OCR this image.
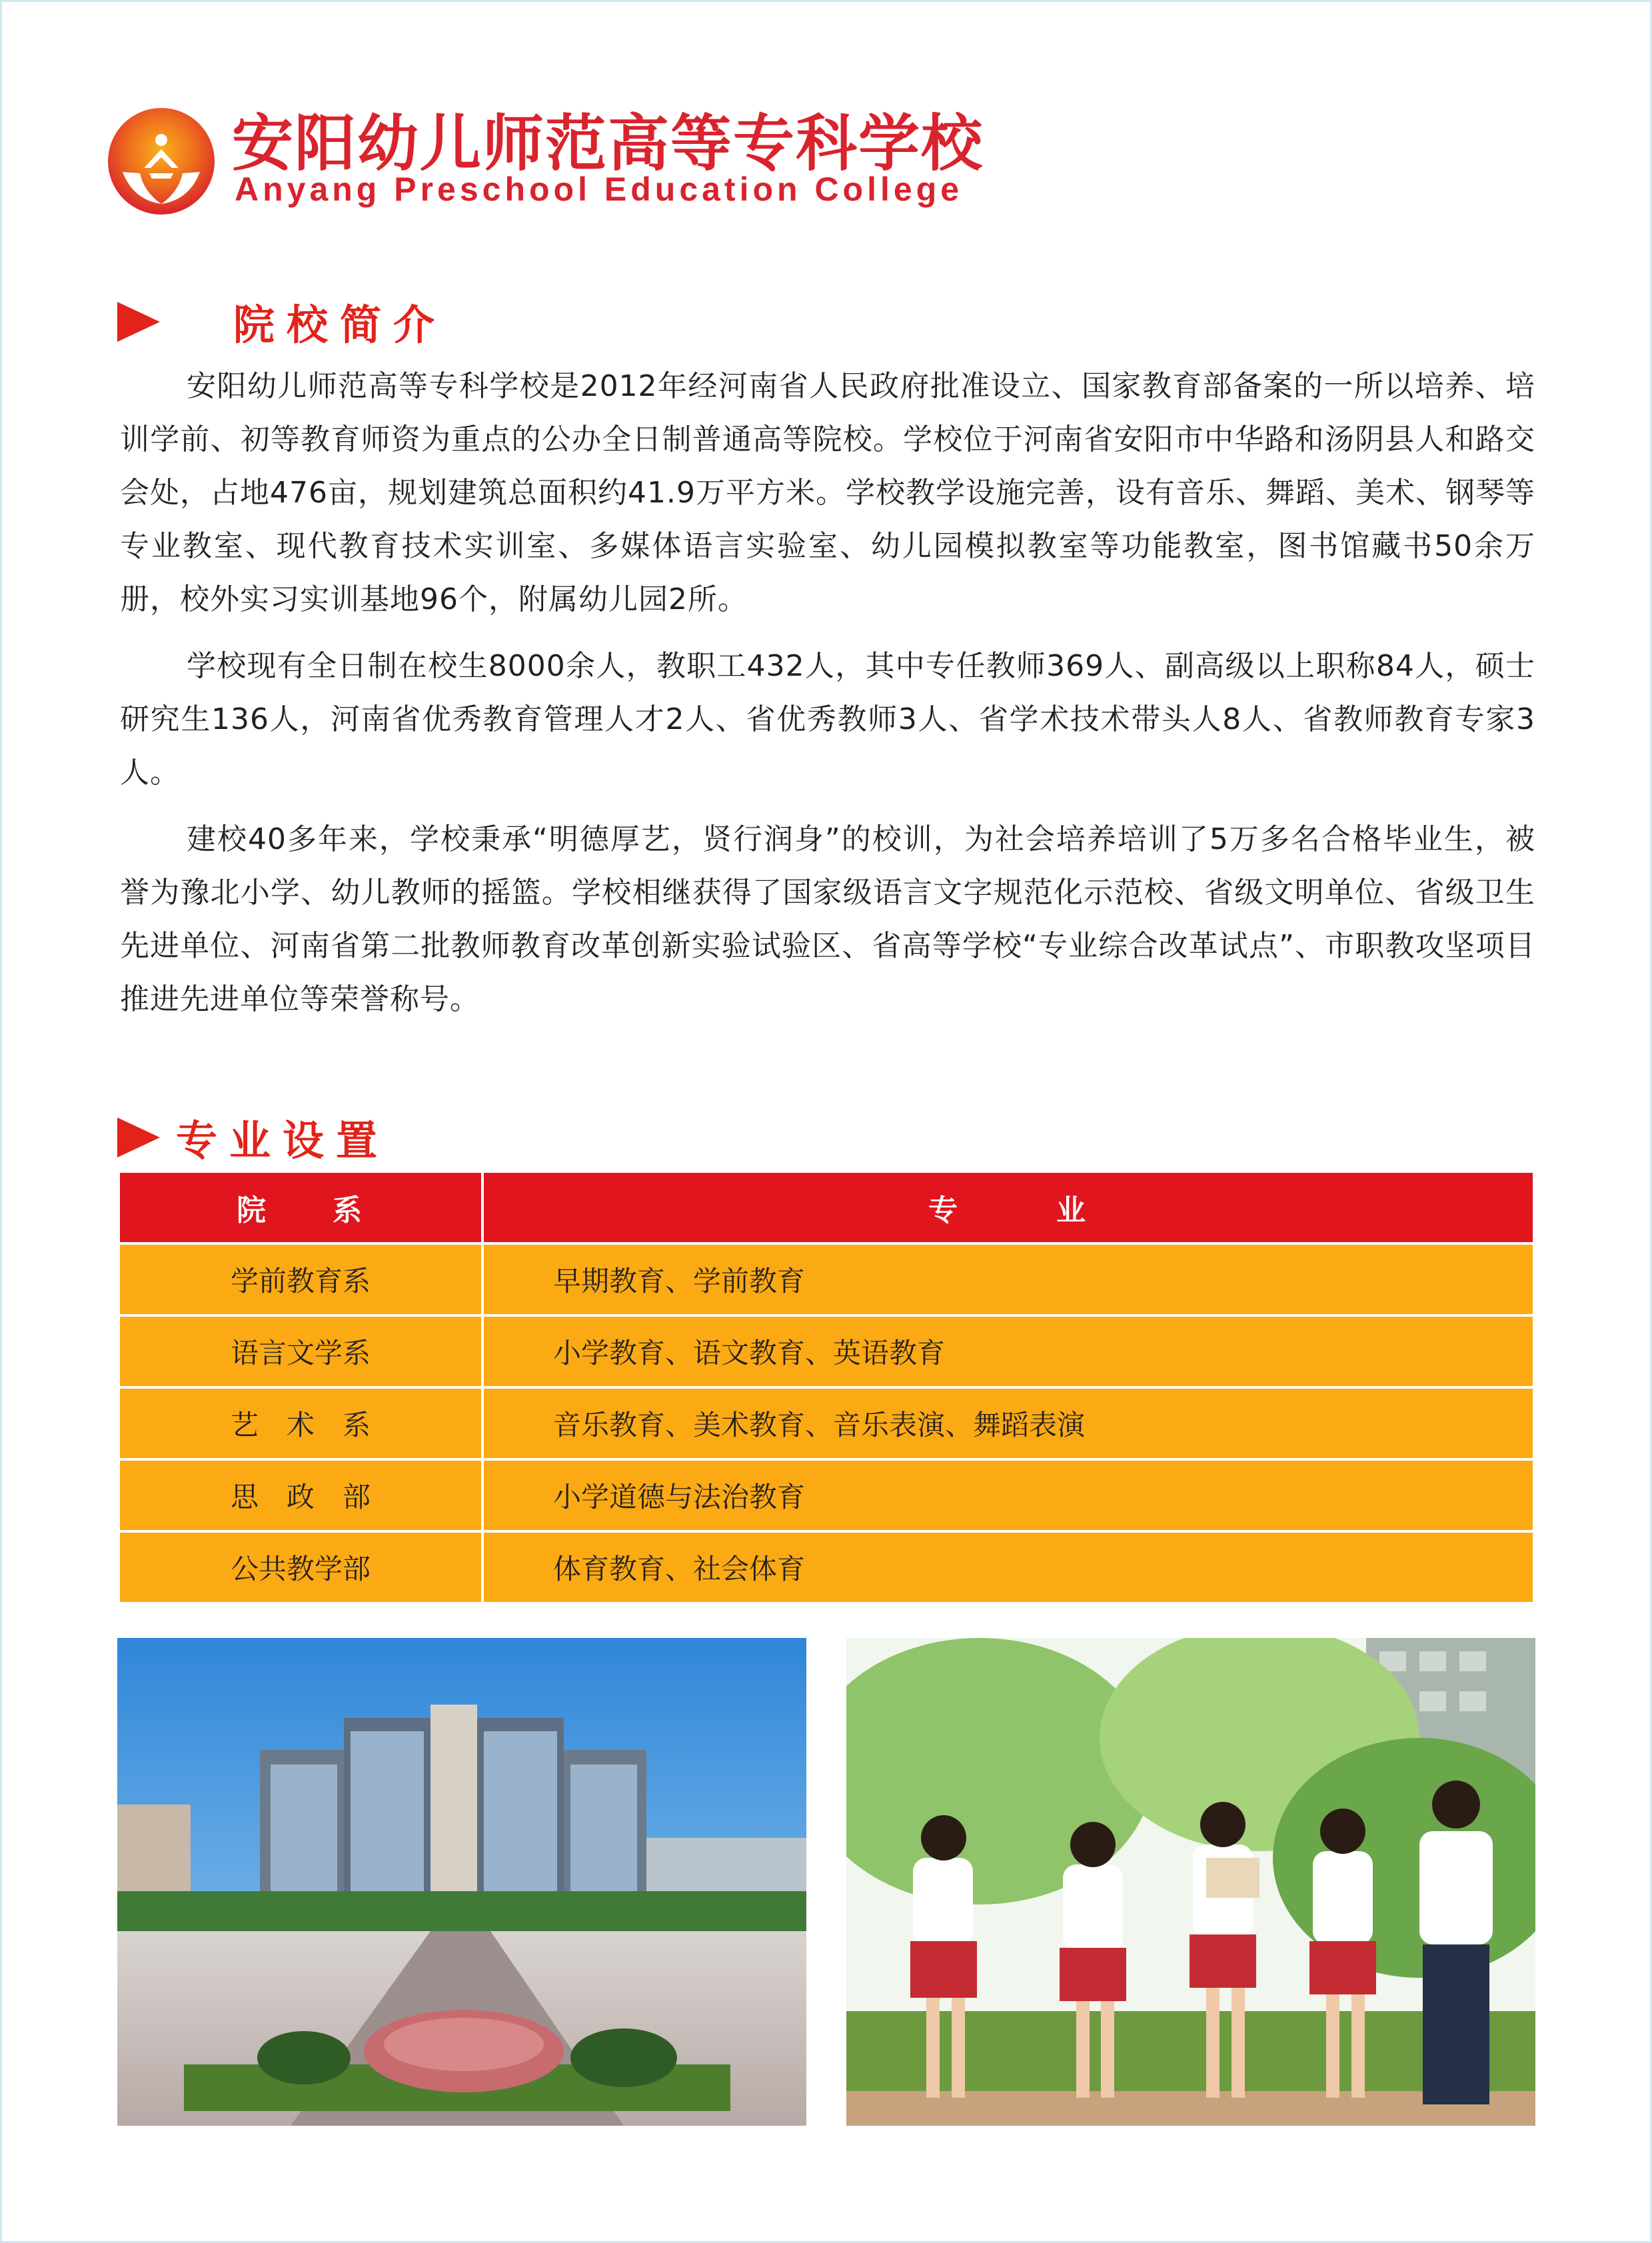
安阳幼儿师范高等专科学校
Anyang Preschool Education College
院校简介

安阳幼儿师范高等专科学校是2012年经河南省人民政府批准设立、国家教育部备案的一所以培养、培训学前、初等教育师资为重点的公办全日制普通高等院校。学校位于河南省安阳市中华路和汤阴县人和路交会处，占地476亩，规划建筑总面积约41.9万平方米。学校教学设施完善，设有音乐、舞蹈、美术、钢琴等专业教室、现代教育技术实训室、多媒体语言实验室、幼儿园模拟教室等功能教室，图书馆藏书50余万册，校外实习实训基地96个，附属幼儿园2所。

学校现有全日制在校生8000余人，教职工432人，其中专任教师369人、副高级以上职称84人，硕士研究生136人，河南省优秀教育管理人才2人、省优秀教师3人、省学术技术带头人8人、省教师教育专家3人。

建校40多年来，学校秉承“明德厚艺，贤行润身”的校训，为社会培养培训了5万多名合格毕业生，被誉为豫北小学、幼儿教师的摇篮。学校相继获得了国家级语言文字规范化示范校、省级文明单位、省级卫生先进单位、河南省第二批教师教育改革创新实验试验区、省高等学校“专业综合改革试点”、市职教攻坚项目推进先进单位等荣誉称号。

专业设置
院　　系	专　　　业
学前教育系	早期教育、学前教育
语言文学系	小学教育、语文教育、英语教育
艺　术　系	音乐教育、美术教育、音乐表演、舞蹈表演
思　政　部	小学道德与法治教育
公共教学部	体育教育、社会体育
